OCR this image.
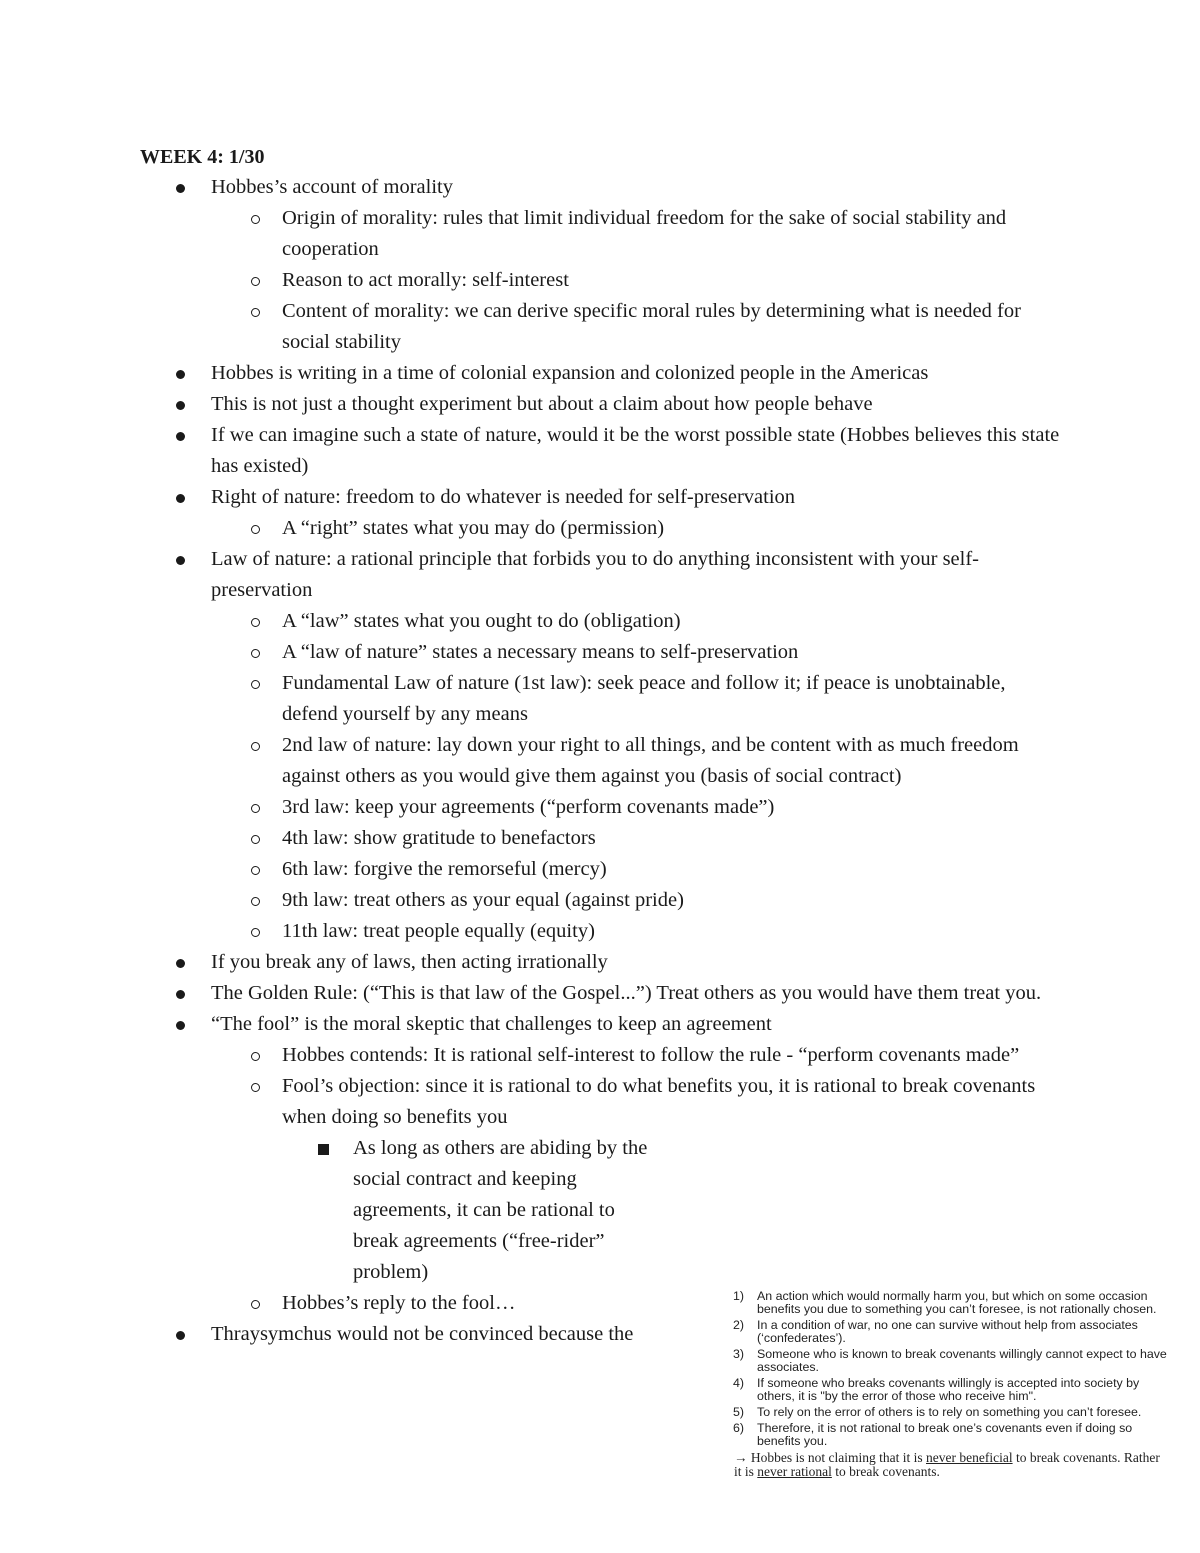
WEEK 4: 1/30
Hobbes’s account of morality
Origin of morality: rules that limit individual freedom for the sake of social stability and cooperation
Reason to act morally: self-interest
Content of morality: we can derive specific moral rules by determining what is needed for social stability
Hobbes is writing in a time of colonial expansion and colonized people in the Americas
This is not just a thought experiment but about a claim about how people behave
If we can imagine such a state of nature, would it be the worst possible state (Hobbes believes this state has existed)
Right of nature: freedom to do whatever is needed for self-preservation
A “right” states what you may do (permission)
Law of nature: a rational principle that forbids you to do anything inconsistent with your self-preservation
A “law” states what you ought to do (obligation)
A “law of nature” states a necessary means to self-preservation
Fundamental Law of nature (1st law): seek peace and follow it; if peace is unobtainable, defend yourself by any means
2nd law of nature: lay down your right to all things, and be content with as much freedom against others as you would give them against you (basis of social contract)
3rd law: keep your agreements (“perform covenants made”)
4th law: show gratitude to benefactors
6th law: forgive the remorseful (mercy)
9th law: treat others as your equal (against pride)
11th law: treat people equally (equity)
If you break any of laws, then acting irrationally
The Golden Rule: (“This is that law of the Gospel...”) Treat others as you would have them treat you.
“The fool” is the moral skeptic that challenges to keep an agreement
Hobbes contends: It is rational self-interest to follow the rule - “perform covenants made”
Fool’s objection: since it is rational to do what benefits you, it is rational to break covenants when doing so benefits you
As long as others are abiding by the social contract and keeping agreements, it can be rational to break agreements (“free-rider” problem)
Hobbes’s reply to the fool…
Thraysymchus would not be convinced because the
1) An action which would normally harm you, but which on some occasion benefits you due to something you can’t foresee, is not rationally chosen.
2) In a condition of war, no one can survive without help from associates (‘confederates’).
3) Someone who is known to break covenants willingly cannot expect to have associates.
4) If someone who breaks covenants willingly is accepted into society by others, it is "by the error of those who receive him".
5) To rely on the error of others is to rely on something you can’t foresee.
6) Therefore, it is not rational to break one’s covenants even if doing so benefits you.

→ Hobbes is not claiming that it is never beneficial to break covenants. Rather it is never rational to break covenants.
